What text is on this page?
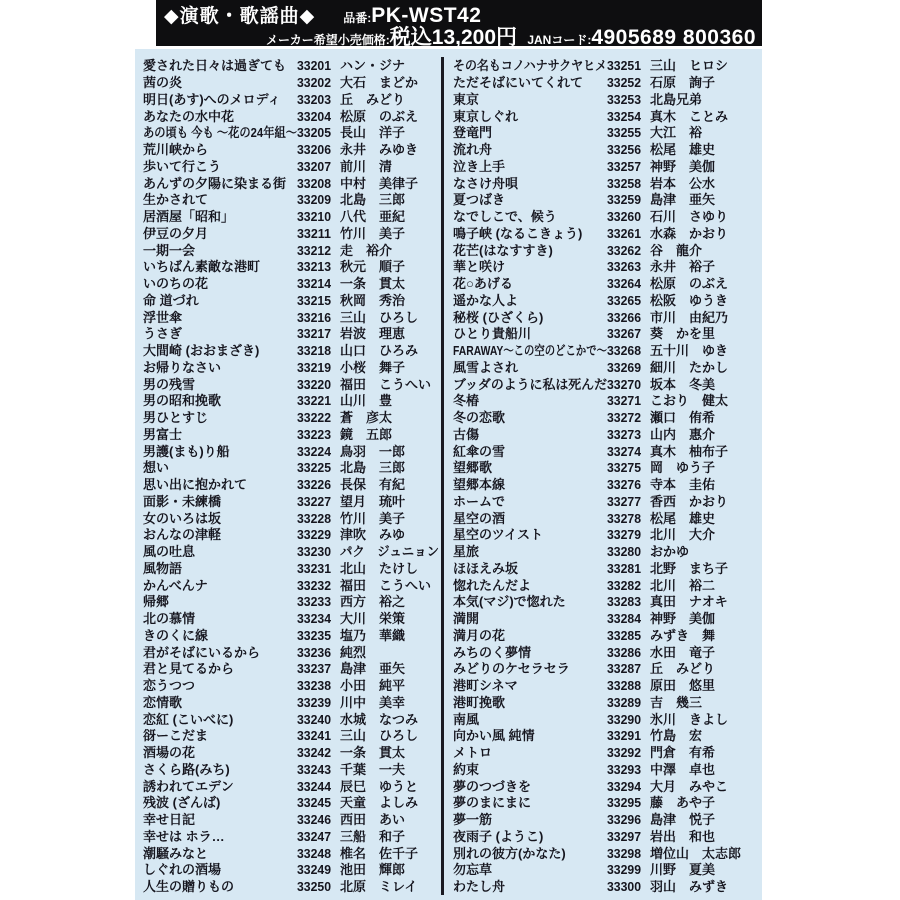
◆演歌・歌謡曲◆ 品番: PK-WST42
メーカー希望小売価格: 税込13,200円 JANコード: 4905689 800360
愛された日々は過ぎても 33201 ハン・ジナ
茜の炎	33202 大石　まどか
明日(あす)へのメロディ	33203 丘　みどり
あなたの水中花	33204 松原　のぶえ
あの頃も 今も ～花の24年組～ 33205 長山　洋子
荒川峡から	33206 永井　みゆき
歩いて行こう	33207 前川　清
あんずの夕陽に染まる街 33208 中村　美律子
生かされて	33209 北島　三郎
居酒屋「昭和」	33210 八代　亜紀
伊豆の夕月	33211 竹川　美子
一期一会	33212 走　裕介
いちばん素敵な港町	33213 秋元　順子
いのちの花	33214 一条　貫太
命 道づれ	33215 秋岡　秀治
浮世傘	33216 三山　ひろし
うさぎ	33217 岩波　理恵
大間崎 (おおまざき)	33218 山口　ひろみ
お帰りなさい	33219 小桜　舞子
男の残雪	33220 福田　こうへい
男の昭和挽歌	33221 山川　豊
男ひとすじ	33222 蒼　彦太
男富士	33223 鏡　五郎
男護(まも)り船	33224 鳥羽　一郎
想い	33225 北島　三郎
思い出に抱かれて	33226 長保　有紀
面影・未練橋	33227 望月　琉叶
女のいろは坂	33228 竹川　美子
おんなの津軽	33229 津吹　みゆ
風の吐息	33230 パク　ジュニョン
風物語	33231 北山　たけし
かんべんナ	33232 福田　こうへい
帰郷	33233 西方　裕之
北の慕情	33234 大川　栄策
きのくに線	33235 塩乃　華織
君がそばにいるから	33236 純烈
君と見てるから	33237 島津　亜矢
恋うつつ	33238 小田　純平
恋情歌	33239 川中　美幸
恋紅 (こいべに)	33240 水城　なつみ
谺ーこだま	33241 三山　ひろし
酒場の花	33242 一条　貫太
さくら路(みち)	33243 千葉　一夫
誘われてエデン	33244 辰巳　ゆうと
残波 (ざんば)	33245 天童　よしみ
幸せ日記	33246 西田　あい
幸せは ホラ…	33247 三船　和子
潮騒みなと	33248 椎名　佐千子
しぐれの酒場	33249 池田　輝郎
人生の贈りもの	33250 北原　ミレイ
その名もコノハナサクヤヒメ 33251 三山　ヒロシ
ただそばにいてくれて	33252 石原　詢子
東京	33253 北島兄弟
東京しぐれ	33254 真木　ことみ
登竜門	33255 大江　裕
流れ舟	33256 松尾　雄史
泣き上手	33257 神野　美伽
なさけ舟唄	33258 岩本　公水
夏つばき	33259 島津　亜矢
なでしこで、候う	33260 石川　さゆり
鳴子峡 (なるこきょう)	33261 水森　かおり
花芒(はなすすき)	33262 谷　龍介
華と咲け	33263 永井　裕子
花○あげる	33264 松原　のぶえ
遥かな人よ	33265 松阪　ゆうき
秘桜 (ひざくら)	33266 市川　由紀乃
ひとり貴船川	33267 葵　かを里
FARAWAY～この空のどこかで～ 33268 五十川　ゆき
風雪よされ	33269 細川　たかし
ブッダのように私は死んだ 33270 坂本　冬美
冬椿	33271 こおり　健太
冬の恋歌	33272 瀬口　侑希
古傷	33273 山内　惠介
紅傘の雪	33274 真木　柚布子
望郷歌	33275 岡　ゆう子
望郷本線	33276 寺本　圭佑
ホームで	33277 香西　かおり
星空の酒	33278 松尾　雄史
星空のツイスト	33279 北川　大介
星旅	33280 おかゆ
ほほえみ坂	33281 北野　まち子
惚れたんだよ	33282 北川　裕二
本気(マジ)で惚れた	33283 真田　ナオキ
満開	33284 神野　美伽
満月の花	33285 みずき　舞
みちのく夢情	33286 水田　竜子
みどりのケセラセラ	33287 丘　みどり
港町シネマ	33288 原田　悠里
港町挽歌	33289 吉　幾三
南風	33290 氷川　きよし
向かい風 純情	33291 竹島　宏
メトロ	33292 門倉　有希
約束	33293 中澤　卓也
夢のつづきを	33294 大月　みやこ
夢のまにまに	33295 藤　あや子
夢一筋	33296 島津　悦子
夜雨子 (ようこ)	33297 岩出　和也
別れの彼方(かなた)	33298 増位山　太志郎
勿忘草	33299 川野　夏美
わたし舟	33300 羽山　みずき
